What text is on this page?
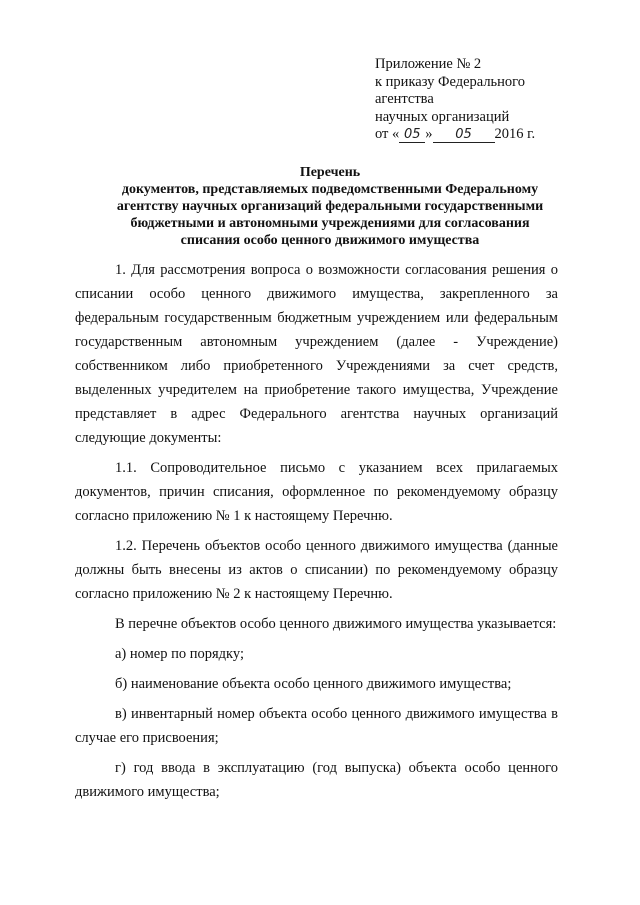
Приложение № 2
к приказу Федерального
агентства
научных организаций
от « 05 » 05 2016 г.
Перечень
документов, представляемых подведомственными Федеральному
агентству научных организаций федеральными государственными
бюджетными и автономными учреждениями для согласования
списания особо ценного движимого имущества

1. Для рассмотрения вопроса о возможности согласования решения о списании особо ценного движимого имущества, закрепленного за федеральным государственным бюджетным учреждением или федеральным государственным автономным учреждением (далее - Учреждение) собственником либо приобретенного Учреждениями за счет средств, выделенных учредителем на приобретение такого имущества, Учреждение представляет в адрес Федерального агентства научных организаций следующие документы:

1.1. Сопроводительное письмо с указанием всех прилагаемых документов, причин списания, оформленное по рекомендуемому образцу согласно приложению № 1 к настоящему Перечню.

1.2. Перечень объектов особо ценного движимого имущества (данные должны быть внесены из актов о списании) по рекомендуемому образцу согласно приложению № 2 к настоящему Перечню.

В перечне объектов особо ценного движимого имущества указывается:

а) номер по порядку;

б) наименование объекта особо ценного движимого имущества;

в) инвентарный номер объекта особо ценного движимого имущества в случае его присвоения;

г) год ввода в эксплуатацию (год выпуска) объекта особо ценного движимого имущества;
